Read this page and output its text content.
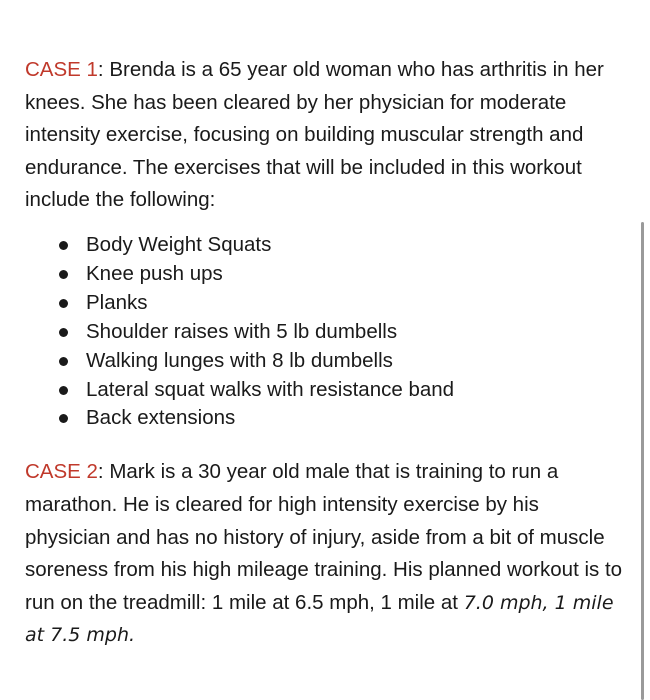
CASE 1: Brenda is a 65 year old woman who has arthritis in her knees. She has been cleared by her physician for moderate intensity exercise, focusing on building muscular strength and endurance. The exercises that will be included in this workout include the following:

Body Weight Squats
Knee push ups
Planks
Shoulder raises with 5 lb dumbells
Walking lunges with 8 lb dumbells
Lateral squat walks with resistance band
Back extensions

CASE 2: Mark is a 30 year old male that is training to run a marathon. He is cleared for high intensity exercise by his physician and has no history of injury, aside from a bit of muscle soreness from his high mileage training. His planned workout is to run on the treadmill: 1 mile at 6.5 mph, 1 mile at 7.0 mph, 1 mile at 7.5 mph.
